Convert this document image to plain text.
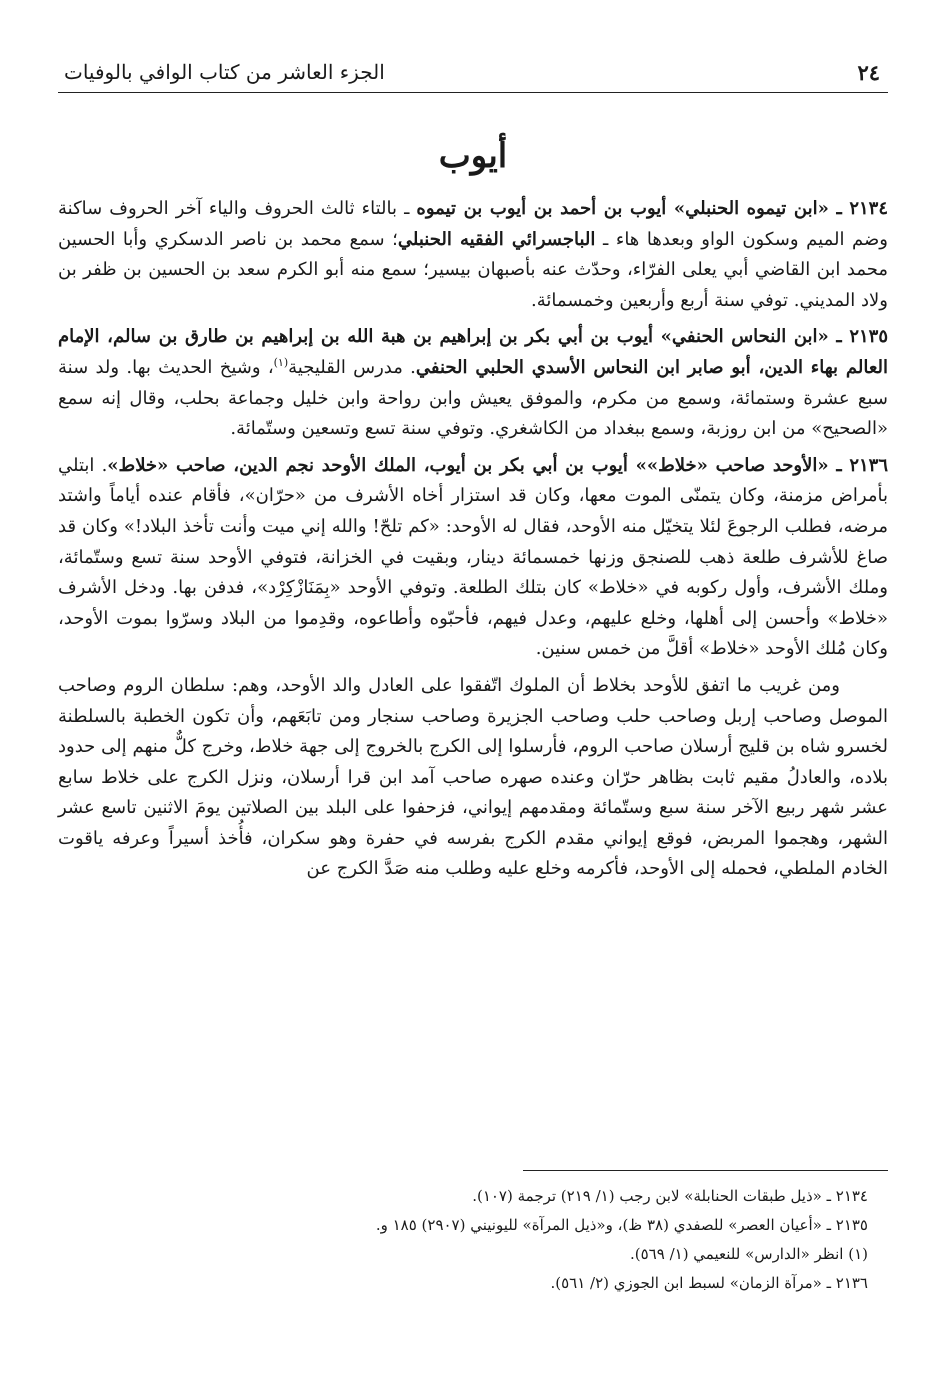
٢٤
الجزء العاشر من كتاب الوافي بالوفيات
أيوب

٢١٣٤ ـ «ابن تيموه الحنبلي» أيوب بن أحمد بن أيوب بن تيموه ـ بالتاء ثالث الحروف والياء آخر الحروف ساكنة وضم الميم وسكون الواو وبعدها هاء ـ الباجسرائي الفقيه الحنبلي؛ سمع محمد بن ناصر الدسكري وأبا الحسين محمد ابن القاضي أبي يعلى الفرّاء، وحدّث عنه بأصبهان بيسير؛ سمع منه أبو الكرم سعد بن الحسين بن ظفر بن ولاد المديني. توفي سنة أربع وأربعين وخمسمائة.

٢١٣٥ ـ «ابن النحاس الحنفي» أيوب بن أبي بكر بن إبراهيم بن هبة الله بن إبراهيم بن طارق بن سالم، الإمام العالم بهاء الدين، أبو صابر ابن النحاس الأسدي الحلبي الحنفي. مدرس القليجية$^{(١)}$، وشيخ الحديث بها. ولد سنة سبع عشرة وستمائة، وسمع من مكرم، والموفق يعيش وابن رواحة وابن خليل وجماعة بحلب، وقال إنه سمع «الصحيح» من ابن روزبة، وسمع ببغداد من الكاشغري. وتوفي سنة تسع وتسعين وستّمائة.

٢١٣٦ ـ «الأوحد صاحب «خلاط»» أيوب بن أبي بكر بن أيوب، الملك الأوحد نجم الدين، صاحب «خلاط». ابتلي بأمراض مزمنة، وكان يتمنّى الموت معها، وكان قد استزار أخاه الأشرف من «حرّان»، فأقام عنده أياماً واشتد مرضه، فطلب الرجوعَ لئلا يتخيّل منه الأوحد، فقال له الأوحد: «كم تلحّ! والله إني ميت وأنت تأخذ البلاد!» وكان قد صاغ للأشرف طلعة ذهب للصنجق وزنها خمسمائة دينار، وبقيت في الخزانة، فتوفي الأوحد سنة تسع وستّمائة، وملك الأشرف، وأول ركوبه في «خلاط» كان بتلك الطلعة. وتوفي الأوحد «بِمَنَازْكِرْد»، فدفن بها. ودخل الأشرف «خلاط» وأحسن إلى أهلها، وخلع عليهم، وعدل فيهم، فأحبّوه وأطاعوه، وقدِموا من البلاد وسرّوا بموت الأوحد، وكان مُلك الأوحد «خلاط» أقلَّ من خمس سنين.

ومن غريب ما اتفق للأوحد بخلاط أن الملوك اتّفقوا على العادل والد الأوحد، وهم: سلطان الروم وصاحب الموصل وصاحب إربل وصاحب حلب وصاحب الجزيرة وصاحب سنجار ومن تابَعَهم، وأن تكون الخطبة بالسلطنة لخسرو شاه بن قليج أرسلان صاحب الروم، فأرسلوا إلى الكرج بالخروج إلى جهة خلاط، وخرج كلٌّ منهم إلى حدود بلاده، والعادلُ مقيم ثابت بظاهر حرّان وعنده صهره صاحب آمد ابن قرا أرسلان، ونزل الكرج على خلاط سابع عشر شهر ربيع الآخر سنة سبع وستّمائة ومقدمهم إيواني، فزحفوا على البلد بين الصلاتين يومَ الاثنين تاسع عشر الشهر، وهجموا المربض، فوقع إيواني مقدم الكرج بفرسه في حفرة وهو سكران، فأُخذ أسيراً وعرفه ياقوت الخادم الملطي، فحمله إلى الأوحد، فأكرمه وخلع عليه وطلب منه صَدَّ الكرج عن

٢١٣٤ ـ «ذيل طبقات الحنابلة» لابن رجب (١/ ٢١٩) ترجمة (١٠٧).
٢١٣٥ ـ «أعيان العصر» للصفدي (٣٨ ظ)، و«ذيل المرآة» لليونيني (٢٩٠٧) ١٨٥ و.
(١) انظر «الدارس» للنعيمي (١/ ٥٦٩).
٢١٣٦ ـ «مرآة الزمان» لسبط ابن الجوزي (٢/ ٥٦١).
